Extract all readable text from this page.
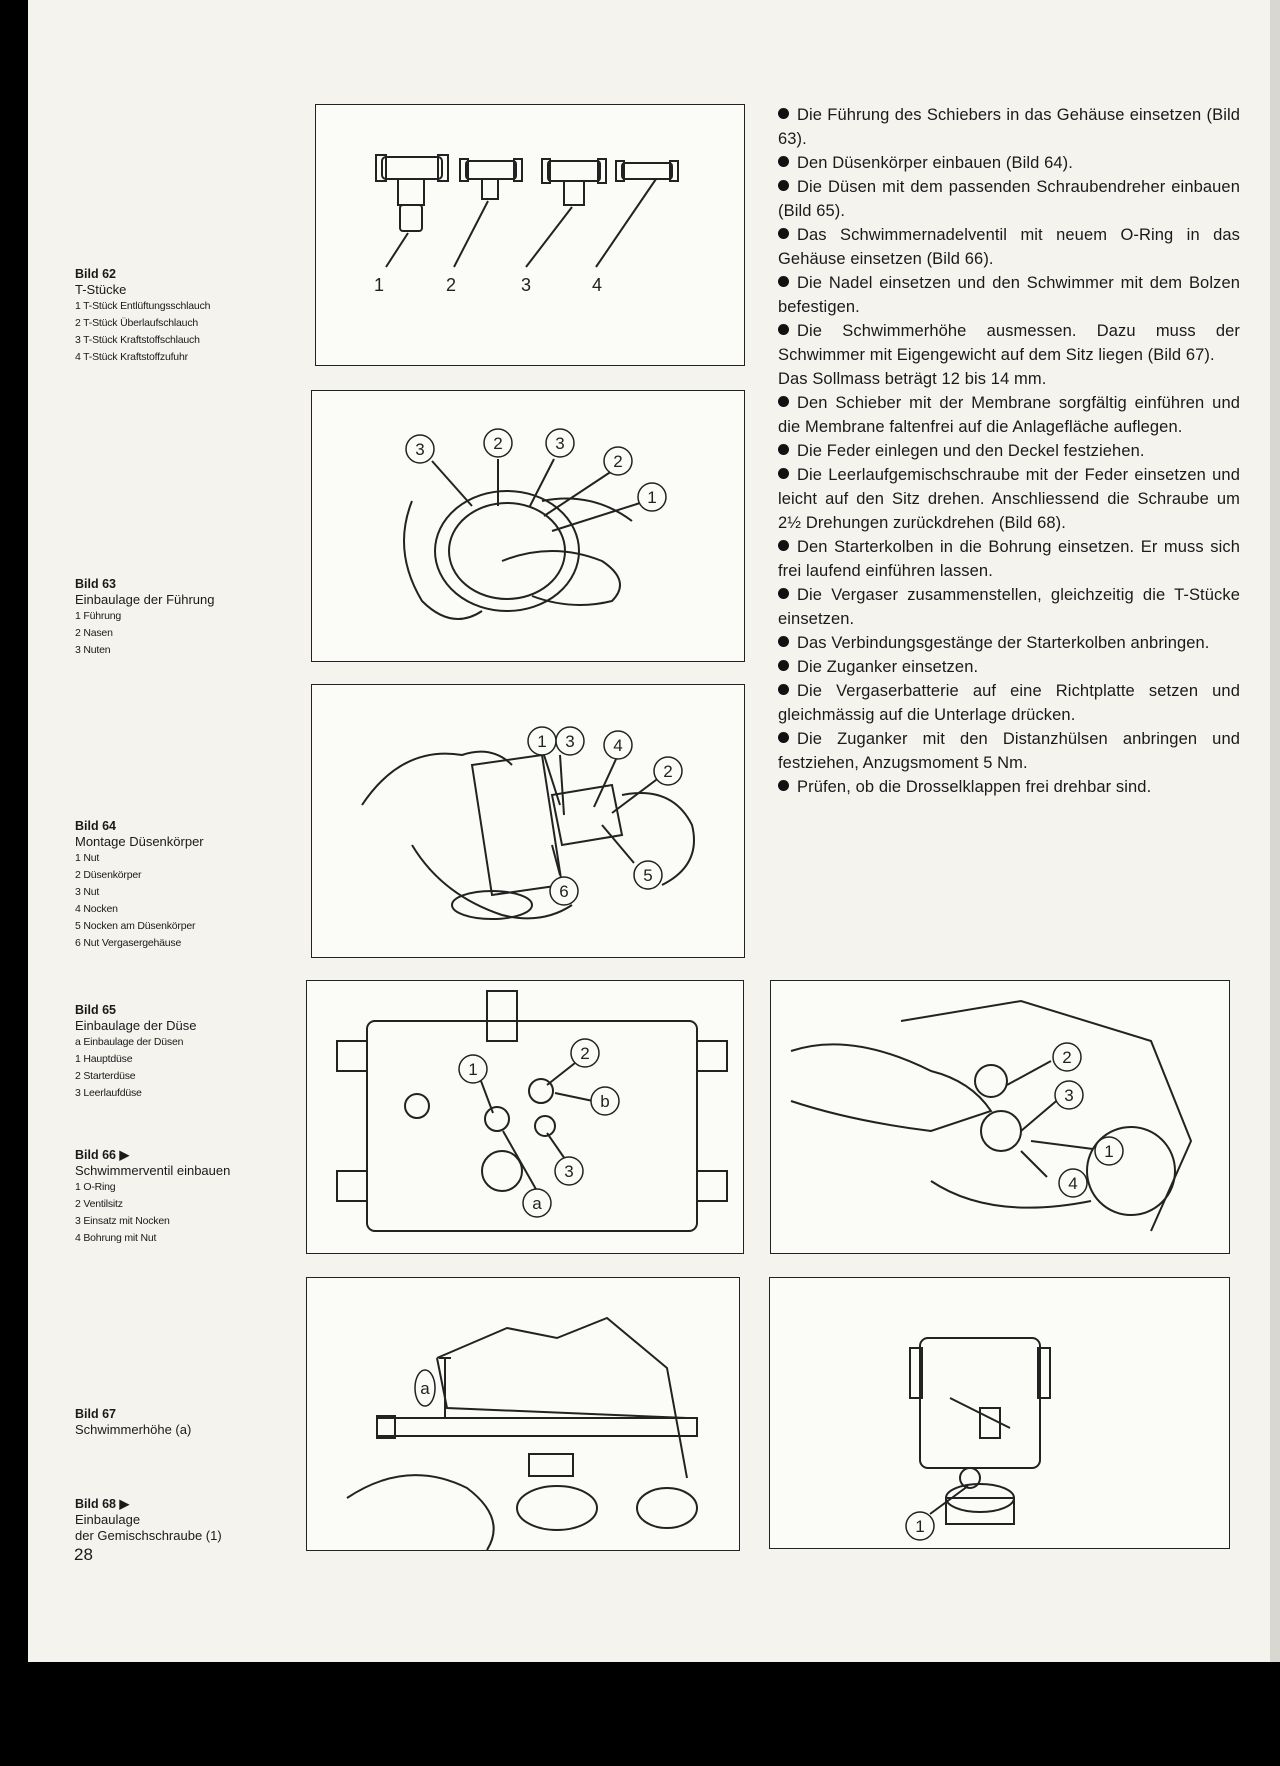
Bild 62
T-Stücke
1 T-Stück Entlüftungsschlauch
2 T-Stück Überlaufschlauch
3 T-Stück Kraftstoffschlauch
4 T-Stück Kraftstoffzufuhr
Bild 63
Einbaulage der Führung
1 Führung
2 Nasen
3 Nuten
Bild 64
Montage Düsenkörper
1 Nut
2 Düsenkörper
3 Nut
4 Nocken
5 Nocken am Düsenkörper
6 Nut Vergasergehäuse
Bild 65
Einbaulage der Düse
a Einbaulage der Düsen
1 Hauptdüse
2 Starterdüse
3 Leerlaufdüse
Bild 66 ▶
Schwimmerventil einbauen
1 O-Ring
2 Ventilsitz
3 Einsatz mit Nocken
4 Bohrung mit Nut
Bild 67
Schwimmerhöhe (a)
Bild 68 ▶
Einbaulage
der Gemischschraube (1)
1	2	3	4
3	2	3
2
1
1 3 4
2
5
6
1
2
b
3
a
2
3
1
4
a
1

Die Führung des Schiebers in das Gehäuse einsetzen (Bild 63).

Den Düsenkörper einbauen (Bild 64).

Die Düsen mit dem passenden Schraubendreher einbauen (Bild 65).

Das Schwimmernadelventil mit neuem O-Ring in das Gehäuse einsetzen (Bild 66).

Die Nadel einsetzen und den Schwimmer mit dem Bolzen befestigen.

Die Schwimmerhöhe ausmessen. Dazu muss der Schwimmer mit Eigengewicht auf dem Sitz liegen (Bild 67).

Das Sollmass beträgt 12 bis 14 mm.

Den Schieber mit der Membrane sorgfältig einführen und die Membrane faltenfrei auf die Anlagefläche auflegen.

Die Feder einlegen und den Deckel festziehen.

Die Leerlaufgemischschraube mit der Feder einsetzen und leicht auf den Sitz drehen. Anschliessend die Schraube um 2½ Drehungen zurückdrehen (Bild 68).

Den Starterkolben in die Bohrung einsetzen. Er muss sich frei laufend einführen lassen.

Die Vergaser zusammenstellen, gleichzeitig die T-Stücke einsetzen.

Das Verbindungsgestänge der Starterkolben anbringen.

Die Zuganker einsetzen.

Die Vergaserbatterie auf eine Richtplatte setzen und gleichmässig auf die Unterlage drücken.

Die Zuganker mit den Distanzhülsen anbringen und festziehen, Anzugsmoment 5 Nm.

Prüfen, ob die Drosselklappen frei drehbar sind.

28
